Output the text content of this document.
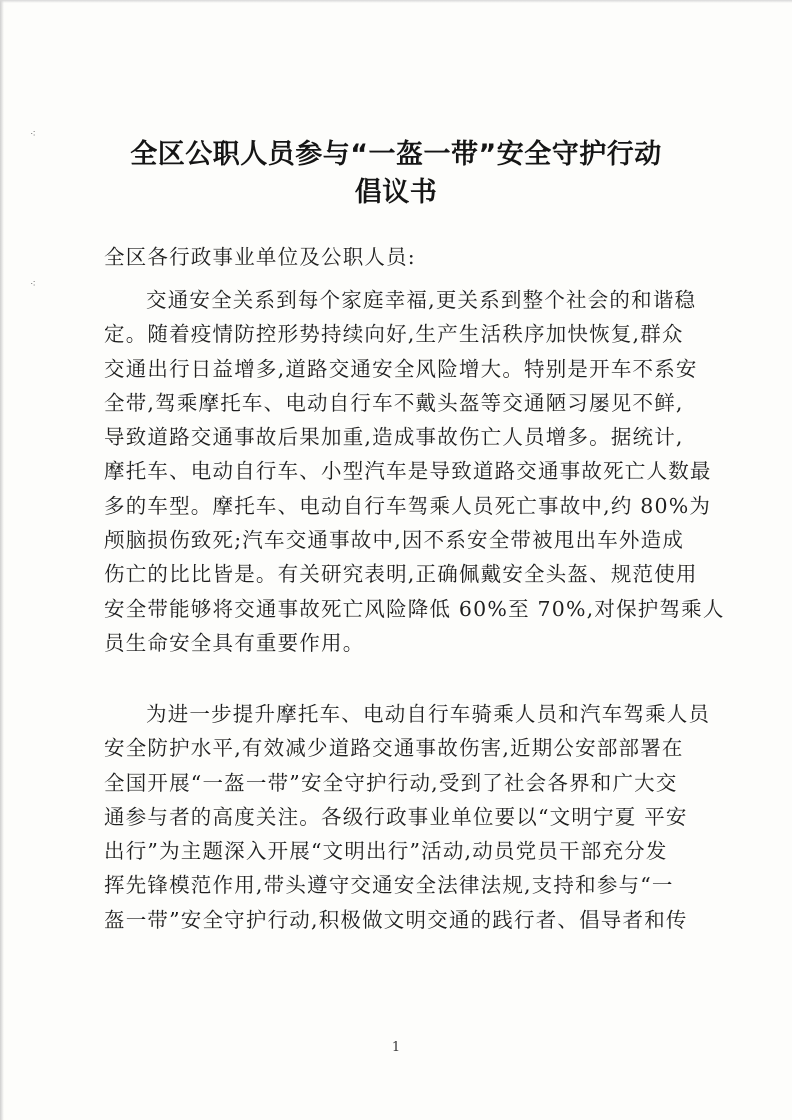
⁖
⁖
全区公职人员参与“一盔一带”安全守护行动
倡议书
全区各行政事业单位及公职人员:
交通安全关系到每个家庭幸福,更关系到整个社会的和谐稳
定。随着疫情防控形势持续向好,生产生活秩序加快恢复,群众
交通出行日益增多,道路交通安全风险增大。特别是开车不系安
全带,驾乘摩托车、电动自行车不戴头盔等交通陋习屡见不鲜,
导致道路交通事故后果加重,造成事故伤亡人员增多。据统计,
摩托车、电动自行车、小型汽车是导致道路交通事故死亡人数最
多的车型。摩托车、电动自行车驾乘人员死亡事故中,约 80%为
颅脑损伤致死;汽车交通事故中,因不系安全带被甩出车外造成
伤亡的比比皆是。有关研究表明,正确佩戴安全头盔、规范使用
安全带能够将交通事故死亡风险降低 60%至 70%,对保护驾乘人
员生命安全具有重要作用。
为进一步提升摩托车、电动自行车骑乘人员和汽车驾乘人员
安全防护水平,有效减少道路交通事故伤害,近期公安部部署在
全国开展“一盔一带”安全守护行动,受到了社会各界和广大交
通参与者的高度关注。各级行政事业单位要以“文明宁夏 平安
出行”为主题深入开展“文明出行”活动,动员党员干部充分发
挥先锋模范作用,带头遵守交通安全法律法规,支持和参与“一
盔一带”安全守护行动,积极做文明交通的践行者、倡导者和传
1
